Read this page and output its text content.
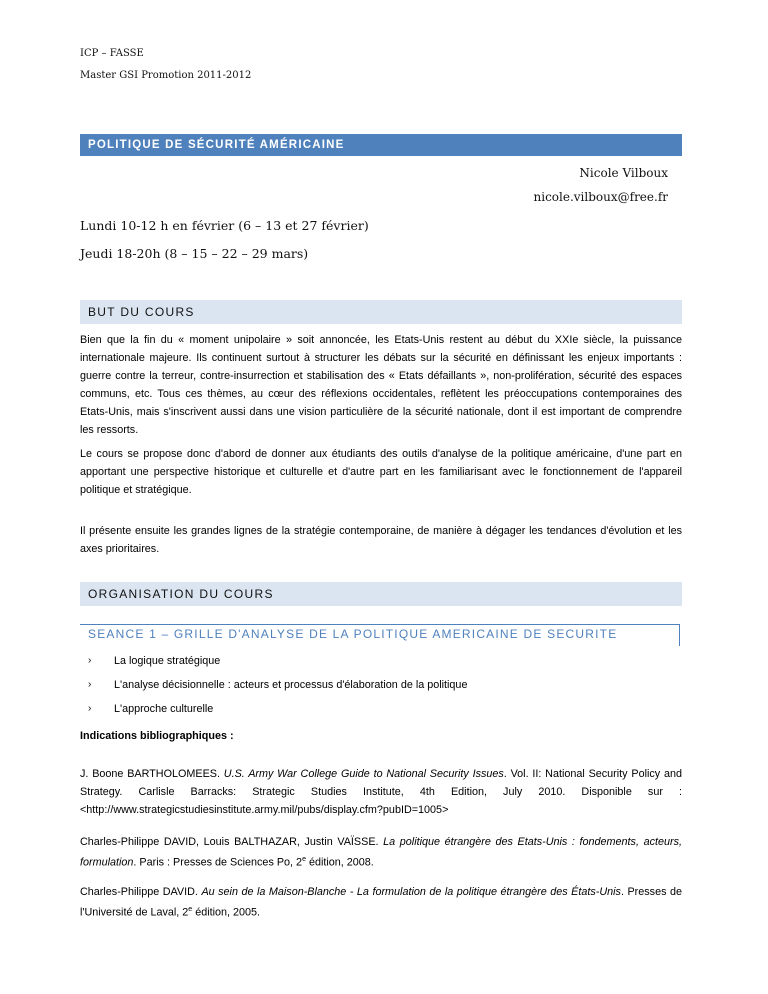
ICP – FASSE
Master GSI Promotion 2011-2012
POLITIQUE DE SÉCURITÉ AMÉRICAINE
Nicole Vilboux
nicole.vilboux@free.fr
Lundi 10-12 h en février (6 – 13 et 27 février)
Jeudi 18-20h (8 – 15 – 22 – 29 mars)
BUT DU COURS

Bien que la fin du « moment unipolaire » soit annoncée, les Etats-Unis restent au début du XXIe siècle, la puissance internationale majeure. Ils continuent surtout à structurer les débats sur la sécurité en définissant les enjeux importants : guerre contre la terreur, contre-insurrection et stabilisation des « Etats défaillants », non-prolifération, sécurité des espaces communs, etc. Tous ces thèmes, au cœur des réflexions occidentales, reflètent les préoccupations contemporaines des Etats-Unis, mais s'inscrivent aussi dans une vision particulière de la sécurité nationale, dont il est important de comprendre les ressorts.

Le cours se propose donc d'abord de donner aux étudiants des outils d'analyse de la politique américaine, d'une part en apportant une perspective historique et culturelle et d'autre part en les familiarisant avec le fonctionnement de l'appareil politique et stratégique.

Il présente ensuite les grandes lignes de la stratégie contemporaine, de manière à dégager les tendances d'évolution et les axes prioritaires.

ORGANISATION DU COURS
SEANCE 1 – GRILLE D'ANALYSE DE LA POLITIQUE AMERICAINE DE SECURITE
› La logique stratégique
› L'analyse décisionnelle : acteurs et processus d'élaboration de la politique
› L'approche culturelle
Indications bibliographiques :

J. Boone BARTHOLOMEES. U.S. Army War College Guide to National Security Issues. Vol. II: National Security Policy and Strategy. Carlisle Barracks: Strategic Studies Institute, 4th Edition, July 2010. Disponible sur : <http://www.strategicstudiesinstitute.army.mil/pubs/display.cfm?pubID=1005>

Charles-Philippe DAVID, Louis BALTHAZAR, Justin VAÏSSE. La politique étrangère des Etats-Unis : fondements, acteurs, formulation. Paris : Presses de Sciences Po, 2e édition, 2008.

Charles-Philippe DAVID. Au sein de la Maison-Blanche - La formulation de la politique étrangère des États-Unis. Presses de l'Université de Laval, 2e édition, 2005.
